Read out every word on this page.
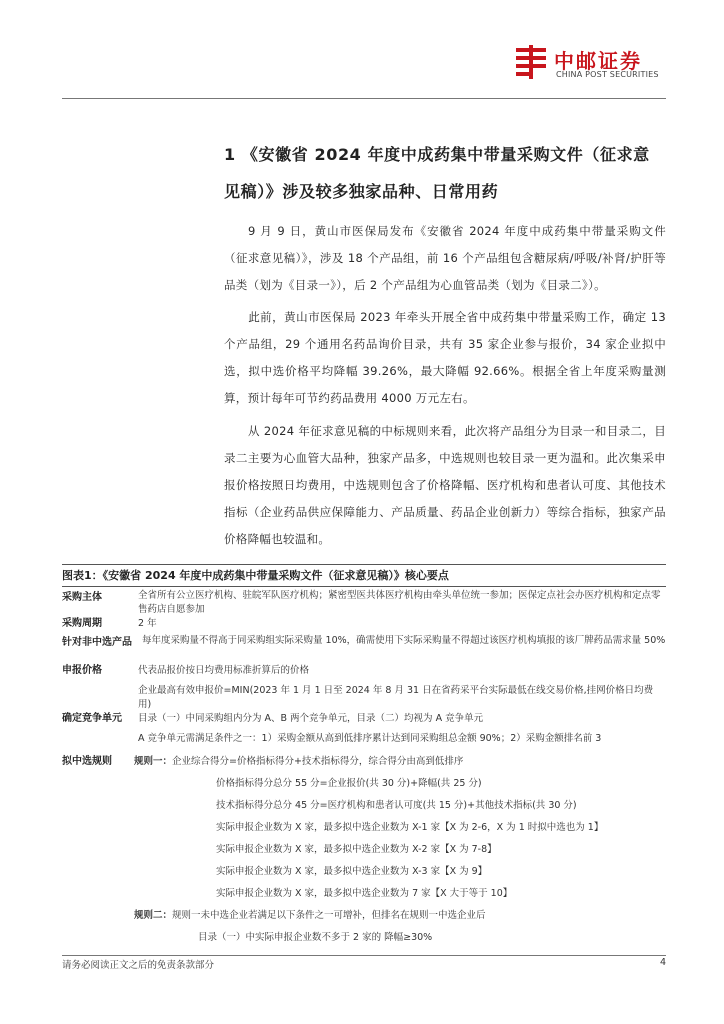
中邮证券
CHINA POST SECURITIES
1 《安徽省 2024 年度中成药集中带量采购文件（征求意见稿）》涉及较多独家品种、日常用药
9 月 9 日，黄山市医保局发布《安徽省 2024 年度中成药集中带量采购文件（征求意见稿）》，涉及 18 个产品组，前 16 个产品组包含糖尿病/呼吸/补肾/护肝等品类（划为《目录一》），后 2 个产品组为心血管品类（划为《目录二》）。
此前，黄山市医保局 2023 年牵头开展全省中成药集中带量采购工作，确定 13 个产品组，29 个通用名药品询价目录，共有 35 家企业参与报价，34 家企业拟中选，拟中选价格平均降幅 39.26%，最大降幅 92.66%。根据全省上年度采购量测算，预计每年可节约药品费用 4000 万元左右。
从 2024 年征求意见稿的中标规则来看，此次将产品组分为目录一和目录二，目录二主要为心血管大品种，独家产品多，中选规则也较目录一更为温和。此次集采申报价格按照日均费用，中选规则包含了价格降幅、医疗机构和患者认可度、其他技术指标（企业药品供应保障能力、产品质量、药品企业创新力）等综合指标，独家产品价格降幅也较温和。
图表1：《安徽省 2024 年度中成药集中带量采购文件（征求意见稿）》核心要点
采购主体	全省所有公立医疗机构、驻皖军队医疗机构；紧密型医共体医疗机构由牵头单位统一参加；医保定点社会办医疗机构和定点零售药店自愿参加
采购周期	2 年
针对非中选产品	每年度采购量不得高于同采购组实际采购量 10%，确需使用下实际采购量不得超过该医疗机构填报的该厂牌药品需求量 50%
申报价格	代表品报价按日均费用标准折算后的价格
企业最高有效申报价=MIN(2023 年 1 月 1 日至 2024 年 8 月 31 日在省药采平台实际最低在线交易价格,挂网价格日均费用)
确定竞争单元	目录（一）中同采购组内分为 A、B 两个竞争单元，目录（二）均视为 A 竞争单元
A 竞争单元需满足条件之一：1）采购金额从高到低排序累计达到同采购组总金额 90%；2）采购金额排名前 3
拟中选规则	规则一：企业综合得分=价格指标得分+技术指标得分，综合得分由高到低排序
价格指标得分总分 55 分=企业报价(共 30 分)+降幅(共 25 分)
技术指标得分总分 45 分=医疗机构和患者认可度(共 15 分)+其他技术指标(共 30 分)
实际申报企业数为 X 家，最多拟中选企业数为 X-1 家【X 为 2-6，X 为 1 时拟中选也为 1】
实际申报企业数为 X 家，最多拟中选企业数为 X-2 家【X 为 7-8】
实际申报企业数为 X 家，最多拟中选企业数为 X-3 家【X 为 9】
实际申报企业数为 X 家，最多拟中选企业数为 7 家【X 大于等于 10】
规则二：规则一未中选企业若满足以下条件之一可增补，但排名在规则一中选企业后
目录（一）中实际申报企业数不多于 2 家的 降幅≥30%
请务必阅读正文之后的免责条款部分	4
